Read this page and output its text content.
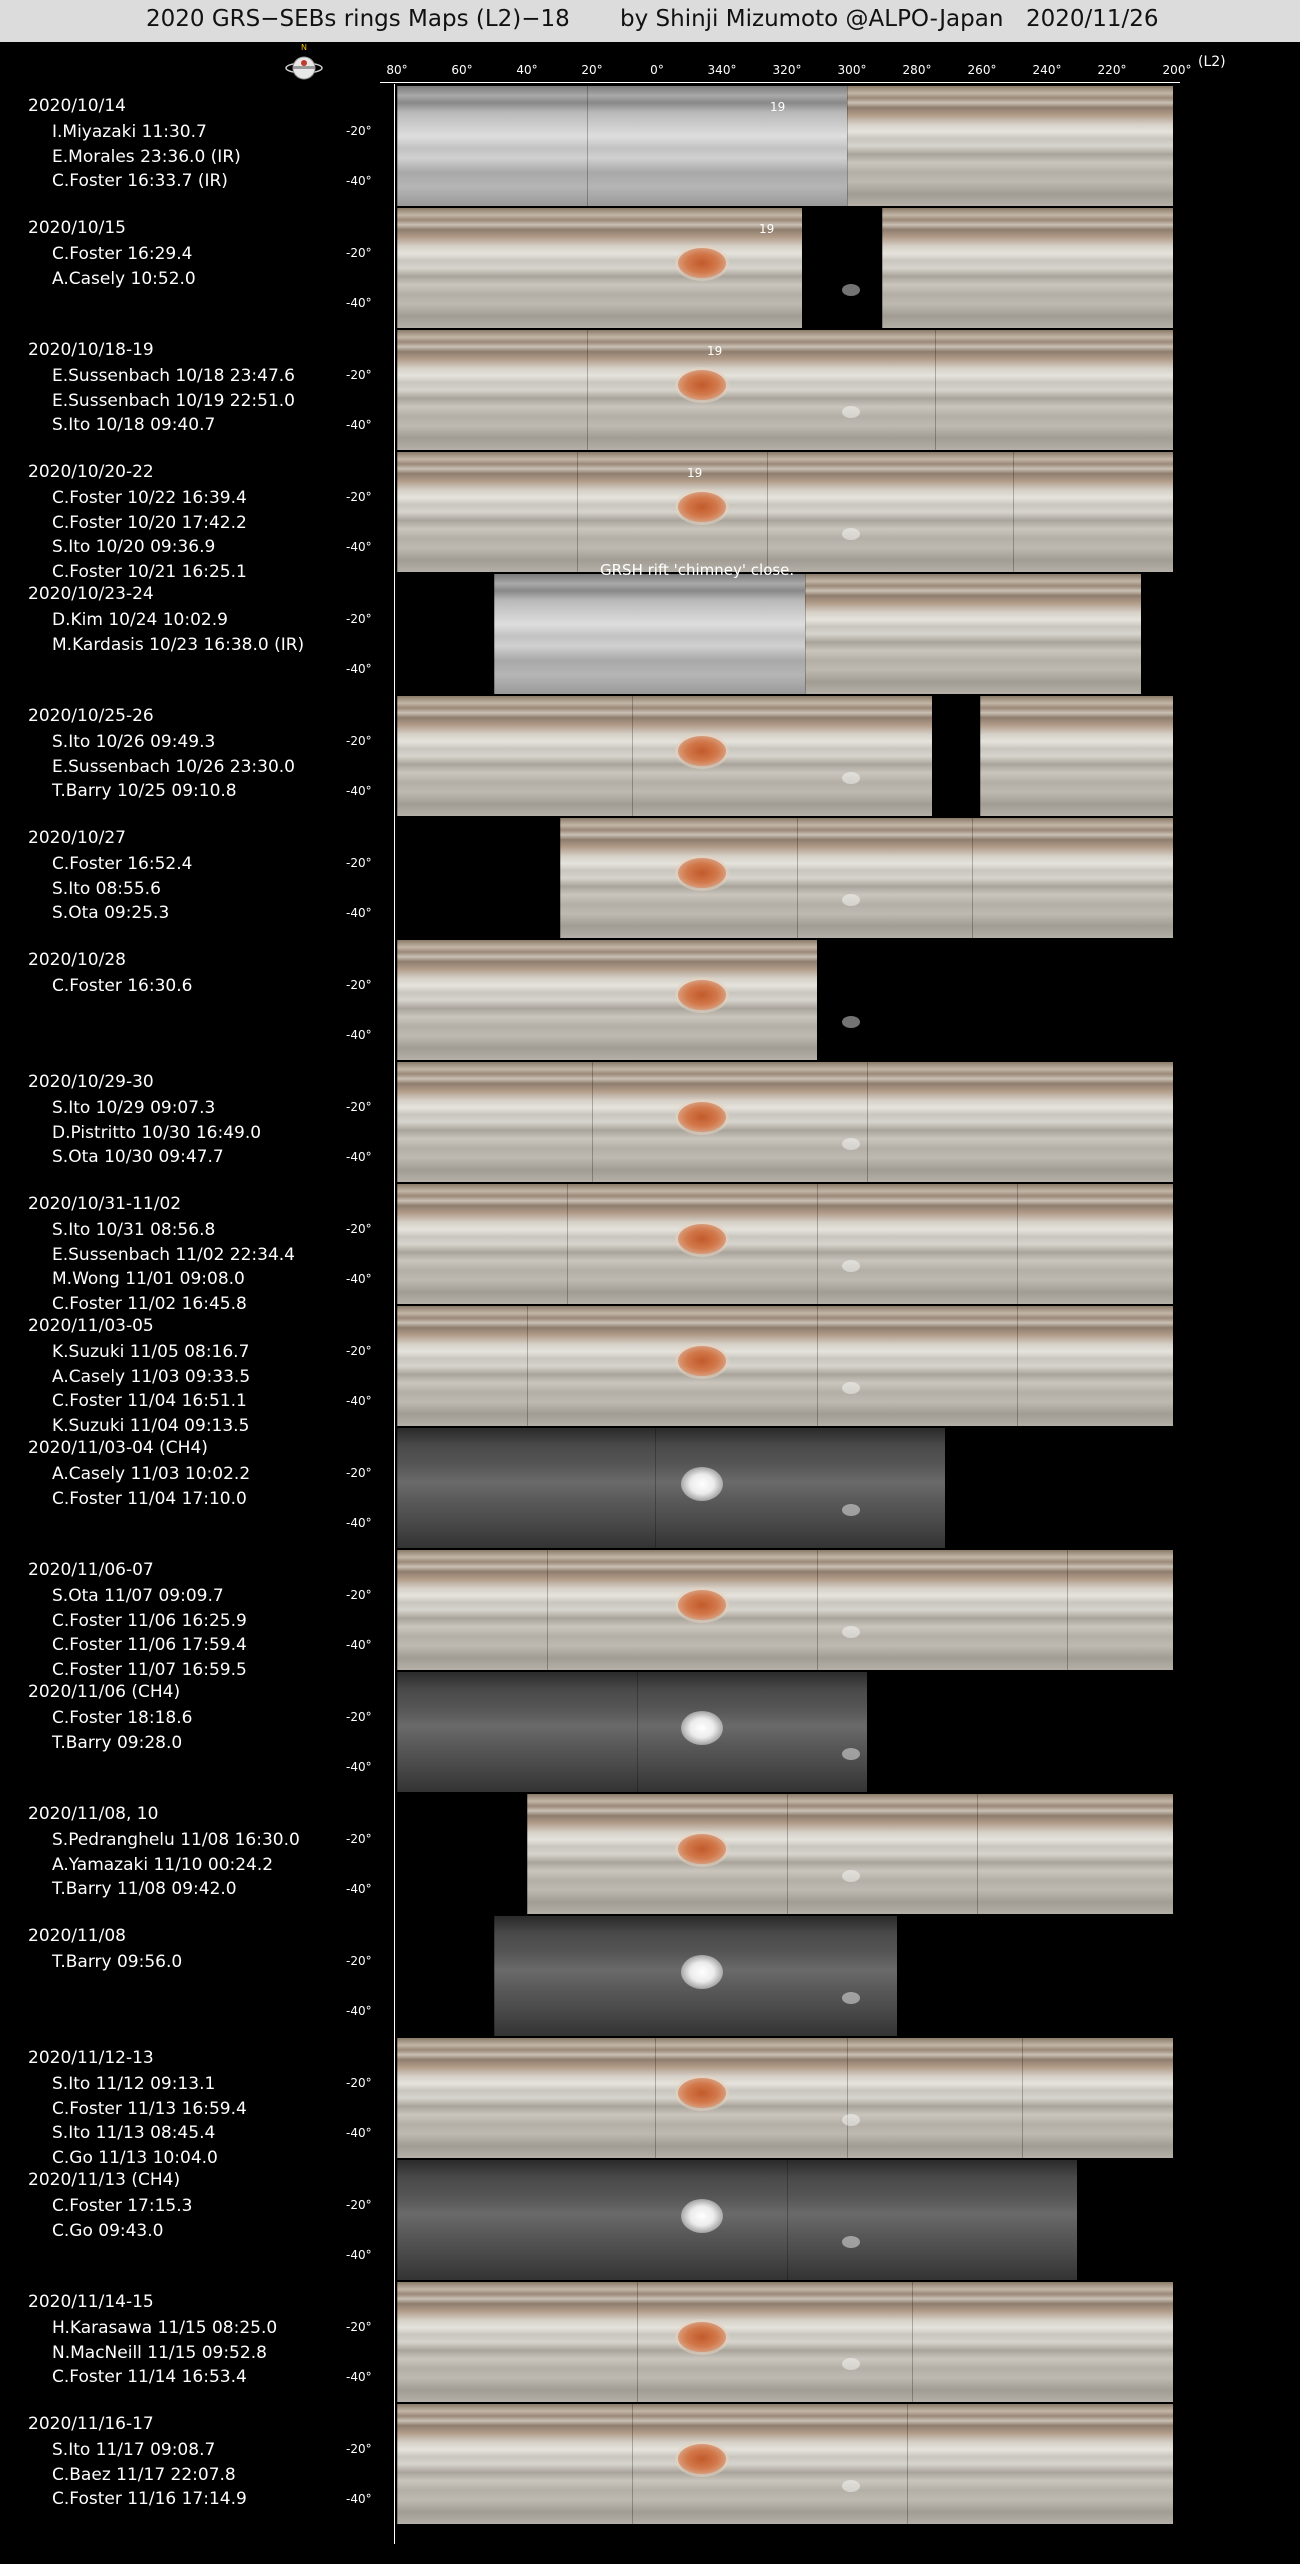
2020 GRS−SEBs rings Maps (L2)−18 by Shinji Mizumoto @ALPO-Japan 2020/11/26
N
80°	60°	40°	20°	0°	340°	320°	300°	280°	260°	240°	220°	200° (L2)
2020/10/14
I.Miyazaki 11:30.7
E.Morales 23:36.0 (IR)
C.Foster 16:33.7 (IR)
-20°
-40°
19
2020/10/15
C.Foster 16:29.4
A.Casely 10:52.0
-20°
-40°
19
2020/10/18-19
E.Sussenbach 10/18 23:47.6
E.Sussenbach 10/19 22:51.0
S.Ito 10/18 09:40.7
-20°
-40°
19
2020/10/20-22
C.Foster 10/22 16:39.4
C.Foster 10/20 17:42.2
S.Ito 10/20 09:36.9
C.Foster 10/21 16:25.1
-20°
-40°
19
2020/10/23-24
D.Kim 10/24 10:02.9
M.Kardasis 10/23 16:38.0 (IR)
-20°
-40°
2020/10/25-26
S.Ito 10/26 09:49.3
E.Sussenbach 10/26 23:30.0
T.Barry 10/25 09:10.8
-20°
-40°
2020/10/27
C.Foster 16:52.4
S.Ito 08:55.6
S.Ota 09:25.3
-20°
-40°
2020/10/28
C.Foster 16:30.6	-20°
-40°
2020/10/29-30
S.Ito 10/29 09:07.3
D.Pistritto 10/30 16:49.0
S.Ota 10/30 09:47.7
-20°
-40°
2020/10/31-11/02
S.Ito 10/31 08:56.8
E.Sussenbach 11/02 22:34.4
M.Wong 11/01 09:08.0
C.Foster 11/02 16:45.8
-20°
-40°
2020/11/03-05
K.Suzuki 11/05 08:16.7
A.Casely 11/03 09:33.5
C.Foster 11/04 16:51.1
K.Suzuki 11/04 09:13.5
-20°
-40°
2020/11/03-04 (CH4)
A.Casely 11/03 10:02.2
C.Foster 11/04 17:10.0
-20°
-40°
2020/11/06-07
S.Ota 11/07 09:09.7
C.Foster 11/06 16:25.9
C.Foster 11/06 17:59.4
C.Foster 11/07 16:59.5
-20°
-40°
2020/11/06 (CH4)
C.Foster 18:18.6
T.Barry 09:28.0
-20°
-40°
2020/11/08, 10
S.Pedranghelu 11/08 16:30.0
A.Yamazaki 11/10 00:24.2
T.Barry 11/08 09:42.0
-20°
-40°
2020/11/08
T.Barry 09:56.0	-20°
-40°
2020/11/12-13
S.Ito 11/12 09:13.1
C.Foster 11/13 16:59.4
S.Ito 11/13 08:45.4
C.Go 11/13 10:04.0
-20°
-40°
2020/11/13 (CH4)
C.Foster 17:15.3
C.Go 09:43.0
-20°
-40°
2020/11/14-15
H.Karasawa 11/15 08:25.0
N.MacNeill 11/15 09:52.8
C.Foster 11/14 16:53.4
-20°
-40°
2020/11/16-17
S.Ito 11/17 09:08.7
C.Baez 11/17 22:07.8
C.Foster 11/16 17:14.9
-20°
-40°
GRSH rift 'chimney' close.
